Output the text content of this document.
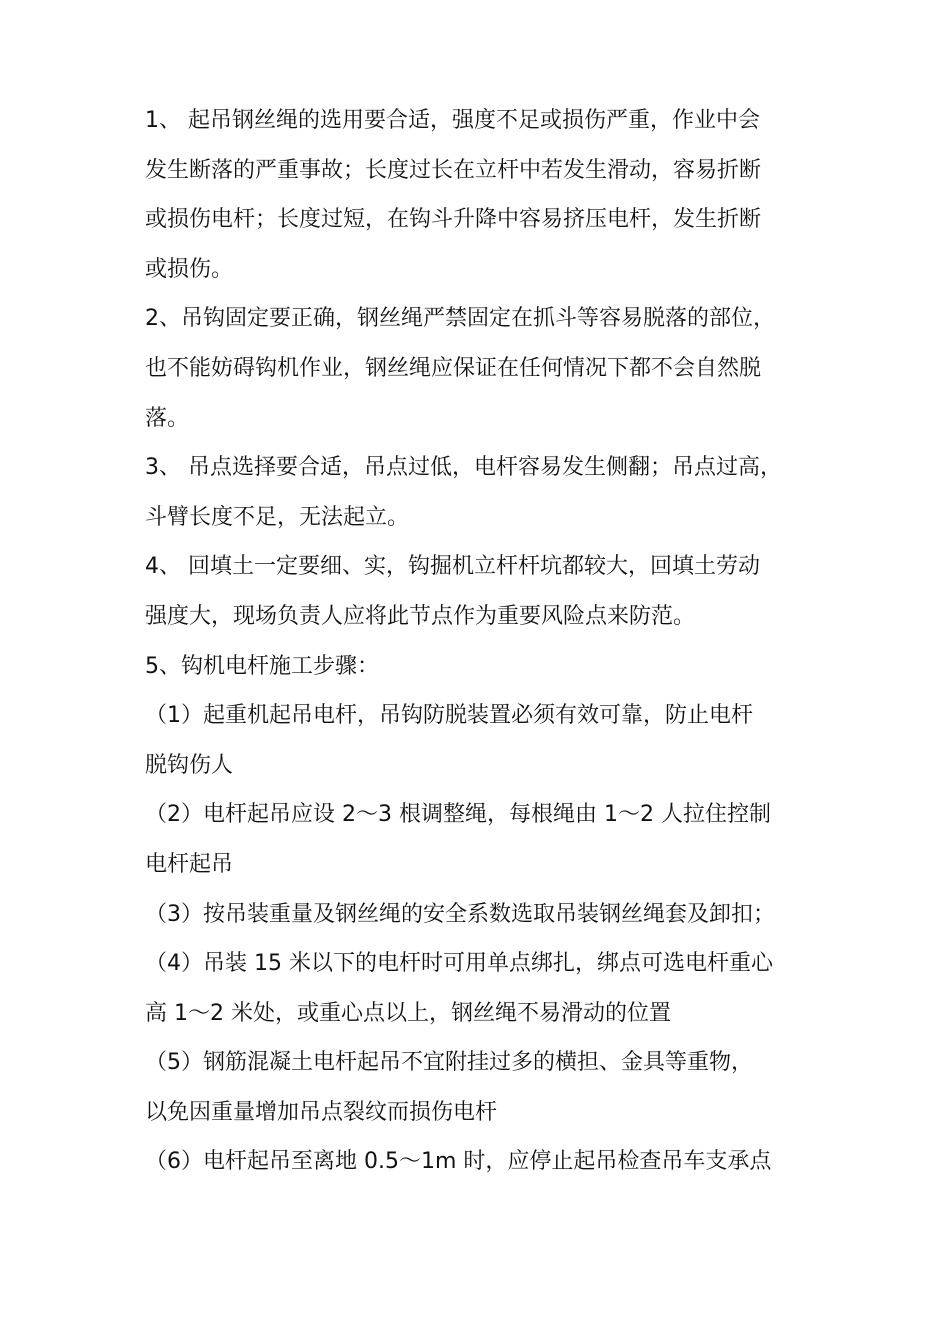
1、 起吊钢丝绳的选用要合适，强度不足或损伤严重，作业中会
发生断落的严重事故；长度过长在立杆中若发生滑动，容易折断
或损伤电杆；长度过短，在钩斗升降中容易挤压电杆，发生折断
或损伤。
2、吊钩固定要正确，钢丝绳严禁固定在抓斗等容易脱落的部位，
也不能妨碍钩机作业，钢丝绳应保证在任何情况下都不会自然脱
落。
3、 吊点选择要合适，吊点过低，电杆容易发生侧翻；吊点过高，
斗臂长度不足，无法起立。
4、 回填土一定要细、实，钩掘机立杆杆坑都较大，回填土劳动
强度大，现场负责人应将此节点作为重要风险点来防范。
5、钩机电杆施工步骤：
（1）起重机起吊电杆，吊钩防脱装置必须有效可靠，防止电杆
脱钩伤人
（2）电杆起吊应设 2～3 根调整绳，每根绳由 1～2 人拉住控制
电杆起吊
（3）按吊装重量及钢丝绳的安全系数选取吊装钢丝绳套及卸扣；
（4）吊装 15 米以下的电杆时可用单点绑扎，绑点可选电杆重心
高 1～2 米处，或重心点以上，钢丝绳不易滑动的位置
（5）钢筋混凝土电杆起吊不宜附挂过多的横担、金具等重物，
以免因重量增加吊点裂纹而损伤电杆
（6）电杆起吊至离地 0.5～1m 时，应停止起吊检查吊车支承点
